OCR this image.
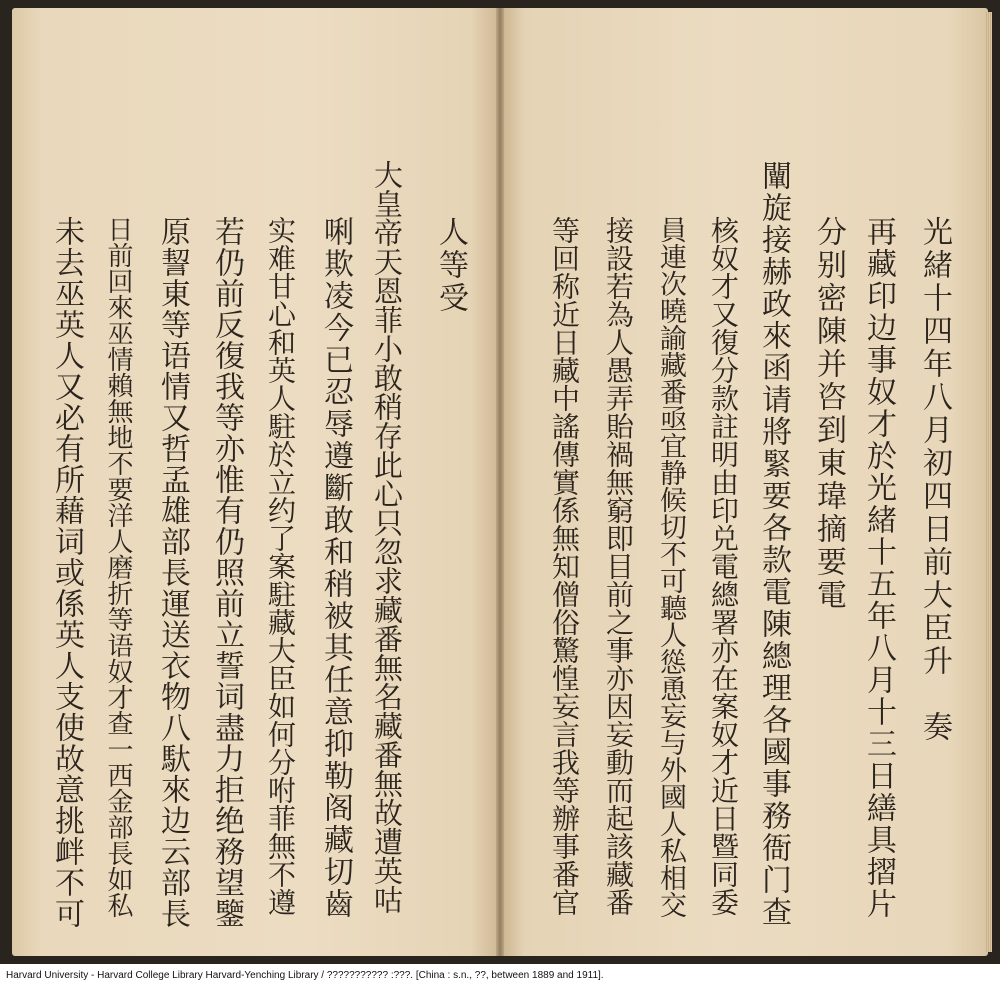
人等受
大皇帝天恩菲小敢稍存此心只忽求藏番無名藏番無故遭英咕
唎欺凌今已忍辱遵斷敢和稍被其任意抑勒阁藏切齒
实难甘心和英人駐於立约了案駐藏大臣如何分咐菲無不遵
若仍前反復我等亦惟有仍照前立誓词盡力拒绝務望鑒
原䛚東等语情又哲孟雄部長運送衣物八馱來边云部長
日前回來巫情賴無地不要洋人磨折等语奴才查一西金部長如私
未去巫英人又必有所藉词或係英人支使故意挑衅不可	光緒十四年八月初四日前大臣升　奏
再藏印边事奴才於光緒十五年八月十三日繕具摺片
分别密陳并咨到東瑋摘要電
闡旋接赫政來函请將緊要各款電陳總理各國事務衙门查
核奴才又復分款註明由印兑電總署亦在案奴才近日暨同委
員連次曉諭藏番亟宜静候切不可聽人慫恿妄与外國人私相交
接設若為人愚弄貽禍無窮即目前之事亦因妄動而起該藏番
等回称近日藏中謠傳實係無知僧俗驚惶妄言我等辦事番官
Harvard University - Harvard College Library Harvard-Yenching Library / ??????????? :???. [China : s.n., ??, between 1889 and 1911].
